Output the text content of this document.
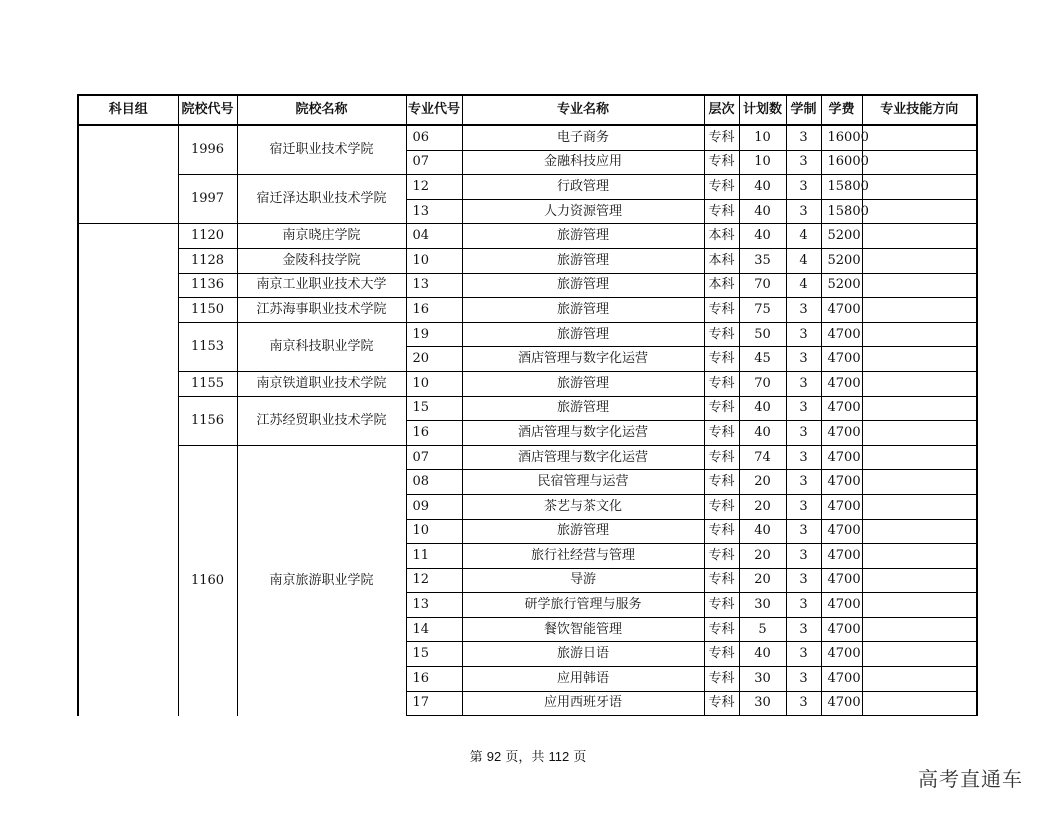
科目组	院校代号	院校名称	专业代号	专业名称	层次	计划数	学制	学费	专业技能方向
	1996	宿迁职业技术学院	06	电子商务	专科	10	3	16000	
			07	金融科技应用	专科	10	3	16000	
	1997	宿迁泽达职业技术学院	12	行政管理	专科	40	3	15800	
			13	人力资源管理	专科	40	3	15800	
	1120	南京晓庄学院	04	旅游管理	本科	40	4	5200	
	1128	金陵科技学院	10	旅游管理	本科	35	4	5200	
	1136	南京工业职业技术大学	13	旅游管理	本科	70	4	5200	
	1150	江苏海事职业技术学院	16	旅游管理	专科	75	3	4700	
	1153	南京科技职业学院	19	旅游管理	专科	50	3	4700	
			20	酒店管理与数字化运营	专科	45	3	4700	
	1155	南京铁道职业技术学院	10	旅游管理	专科	70	3	4700	
	1156	江苏经贸职业技术学院	15	旅游管理	专科	40	3	4700	
			16	酒店管理与数字化运营	专科	40	3	4700	
	1160	南京旅游职业学院	07	酒店管理与数字化运营	专科	74	3	4700	
			08	民宿管理与运营	专科	20	3	4700	
			09	茶艺与茶文化	专科	20	3	4700	
			10	旅游管理	专科	40	3	4700	
			11	旅行社经营与管理	专科	20	3	4700	
			12	导游	专科	20	3	4700	
			13	研学旅行管理与服务	专科	30	3	4700	
			14	餐饮智能管理	专科	5	3	4700	
			15	旅游日语	专科	40	3	4700	
			16	应用韩语	专科	30	3	4700	
			17	应用西班牙语	专科	30	3	4700	
第 92 页，共 112 页
高考直通车
